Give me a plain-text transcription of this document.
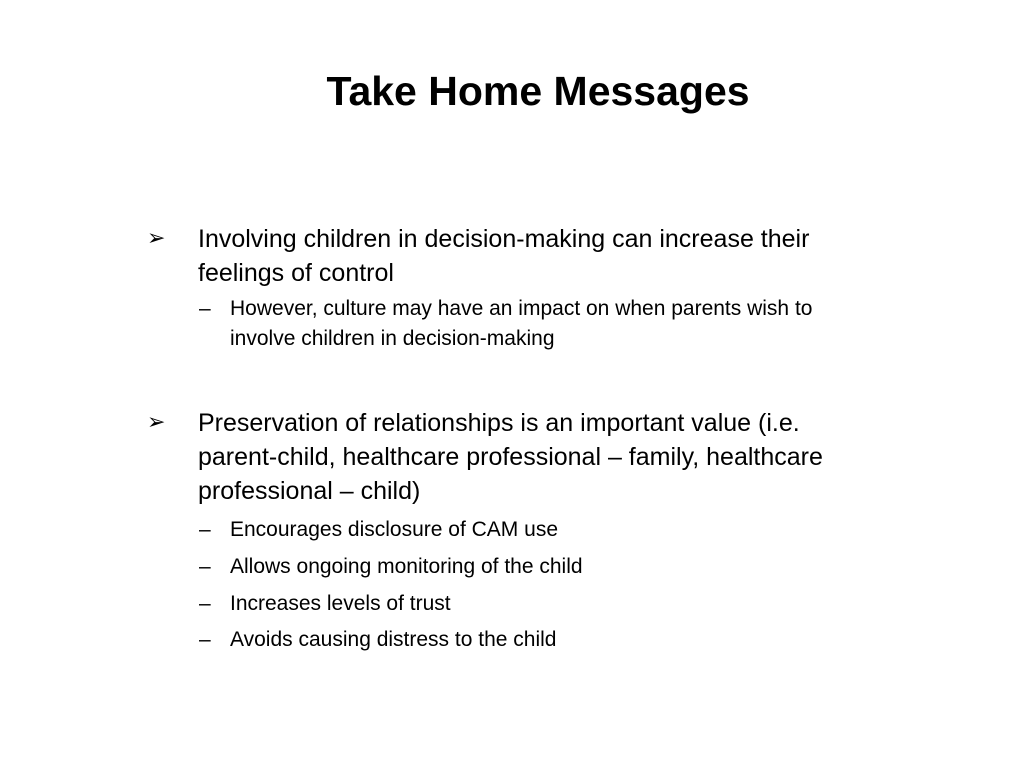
Take Home Messages
➢ Involving children in decision-making can increase their feelings of control
– However, culture may have an impact on when parents wish to involve children in decision-making
➢ Preservation of relationships is an important value (i.e. parent-child, healthcare professional – family, healthcare professional – child)
– Encourages disclosure of CAM use
– Allows ongoing monitoring of the child
– Increases levels of trust
– Avoids causing distress to the child
